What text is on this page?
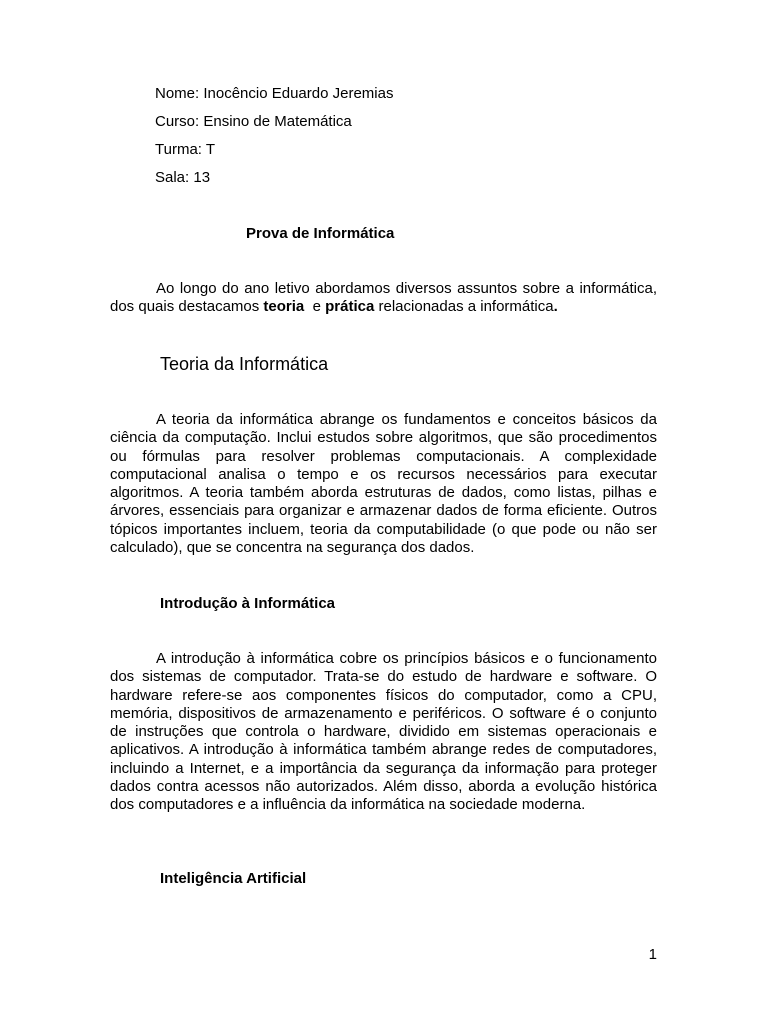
Nome: Inocêncio Eduardo Jeremias

Curso: Ensino de Matemática

Turma: T

Sala: 13

Prova de Informática

Ao longo do ano letivo abordamos diversos assuntos sobre a informática, dos quais destacamos teoria  e prática relacionadas a informática.

Teoria da Informática

A teoria da informática abrange os fundamentos e conceitos básicos da ciência da computação. Inclui estudos sobre algoritmos, que são procedimentos ou fórmulas para resolver problemas computacionais. A complexidade computacional analisa o tempo e os recursos necessários para executar algoritmos. A teoria também aborda estruturas de dados, como listas, pilhas e árvores, essenciais para organizar e armazenar dados de forma eficiente. Outros tópicos importantes incluem, teoria da computabilidade (o que pode ou não ser calculado), que se concentra na segurança dos dados.

Introdução à Informática

A introdução à informática cobre os princípios básicos e o funcionamento dos sistemas de computador. Trata-se do estudo de hardware e software. O hardware refere-se aos componentes físicos do computador, como a CPU, memória, dispositivos de armazenamento e periféricos. O software é o conjunto de instruções que controla o hardware, dividido em sistemas operacionais e aplicativos. A introdução à informática também abrange redes de computadores, incluindo a Internet, e a importância da segurança da informação para proteger dados contra acessos não autorizados. Além disso, aborda a evolução histórica dos computadores e a influência da informática na sociedade moderna.

Inteligência Artificial

1
